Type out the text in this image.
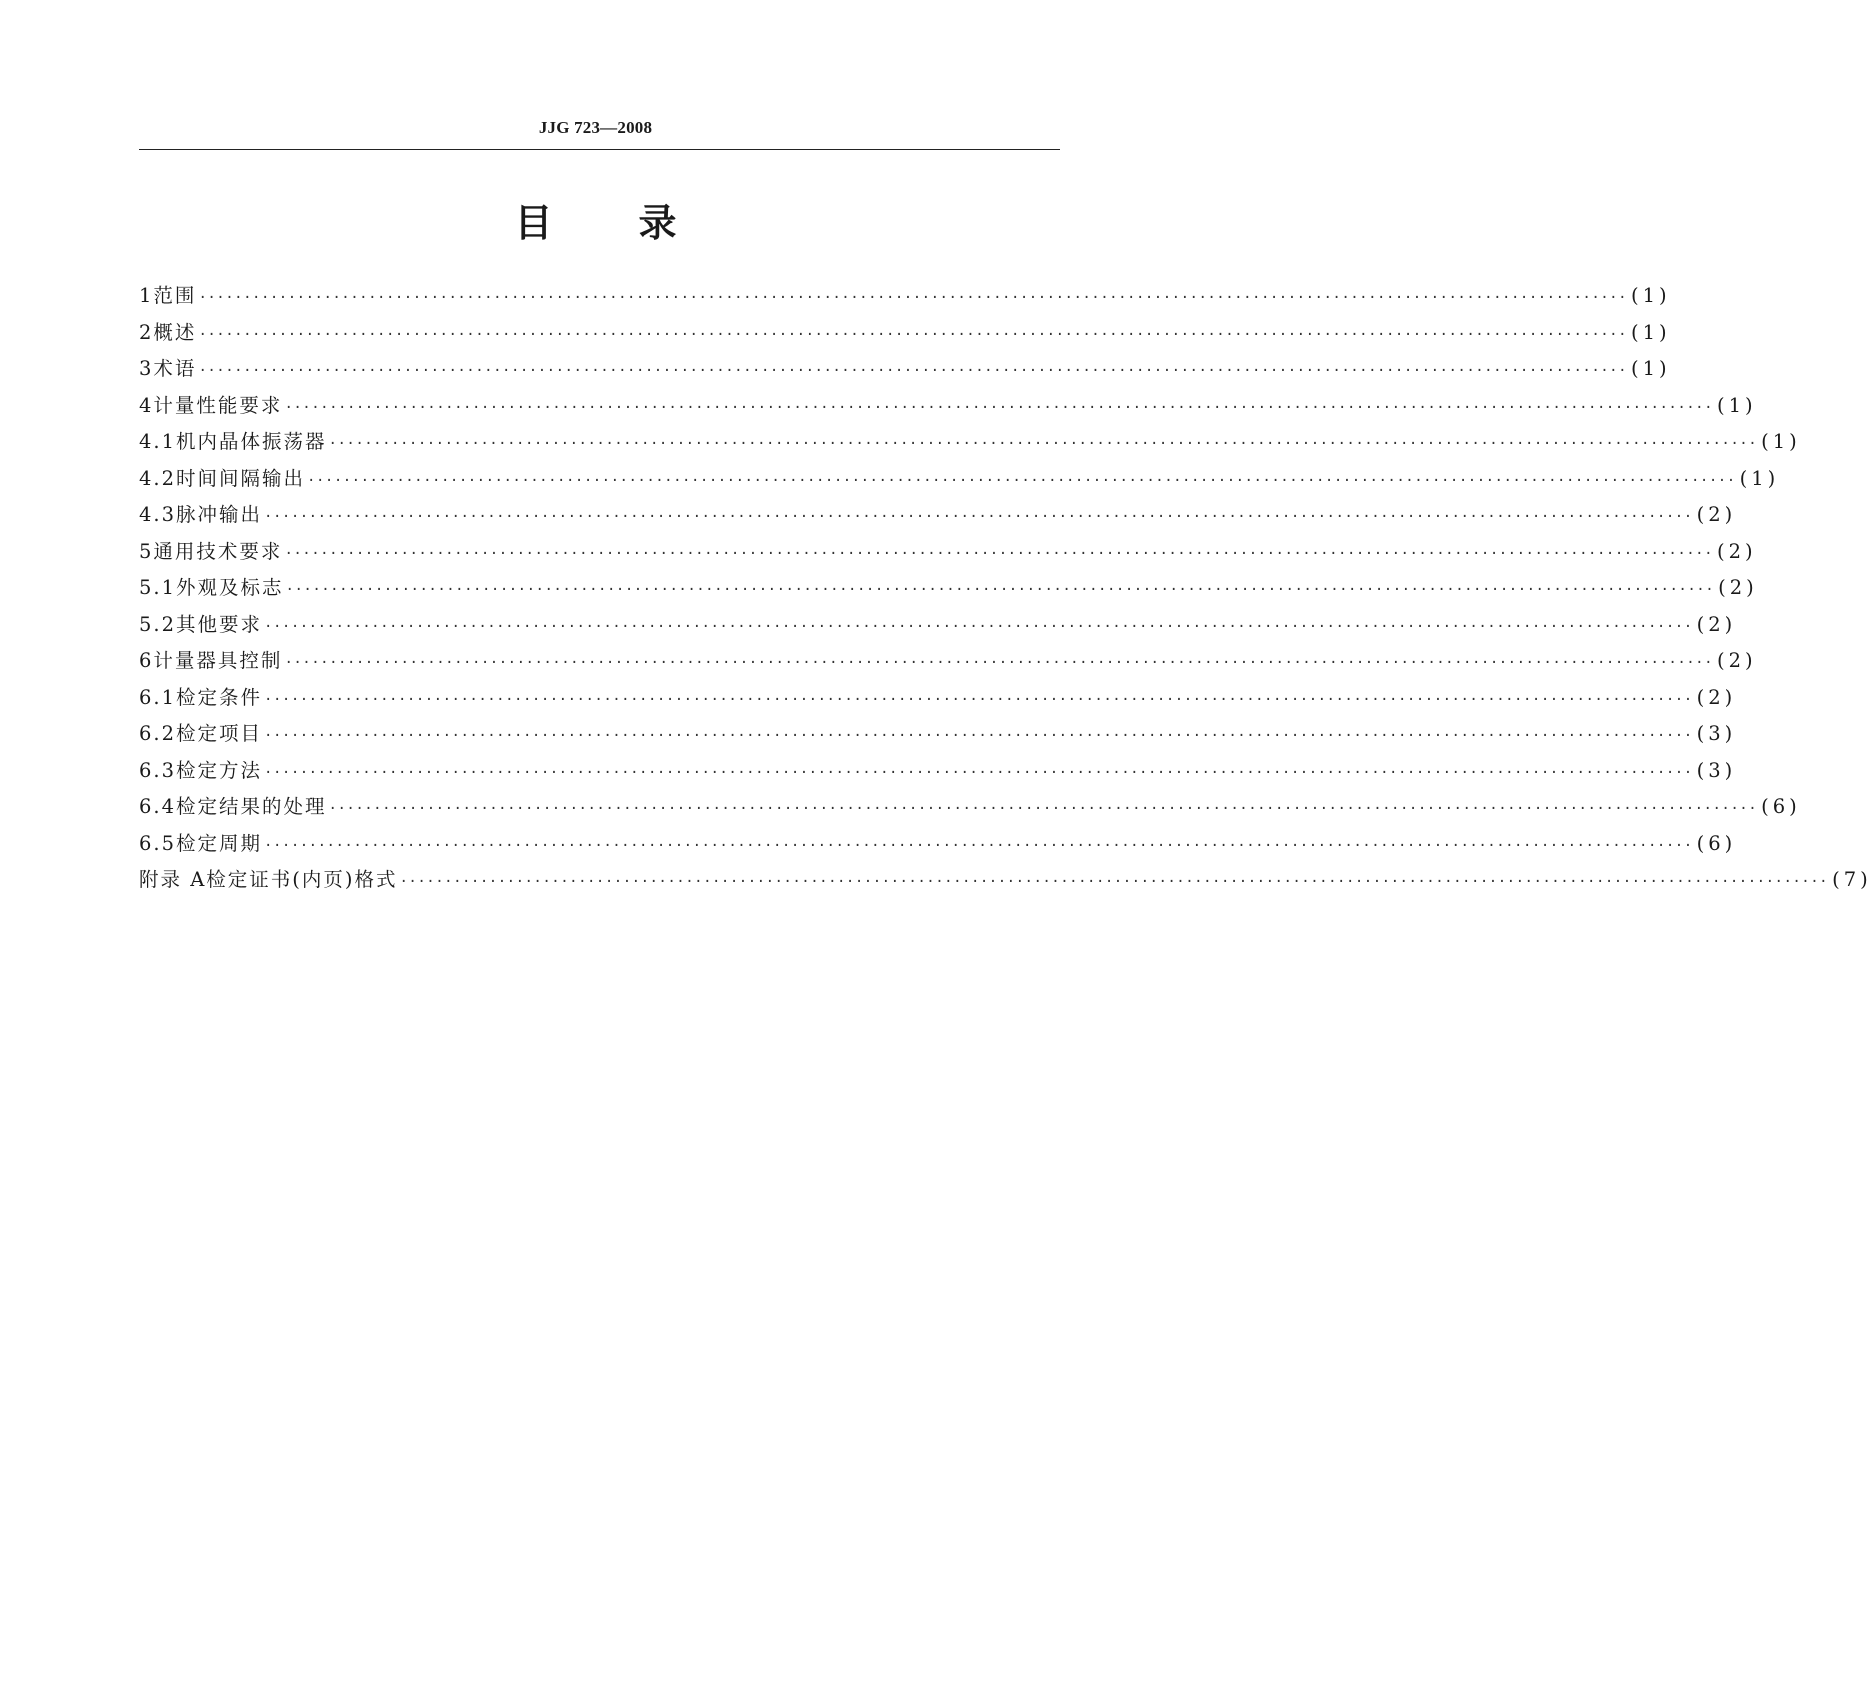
JJG 723—2008
目 录
1 范围 ································································································································································ (1)
2 概述 ································································································································································ (1)
3 术语 ································································································································································ (1)
4 计量性能要求 ································································································································································ (1)
4.1 机内晶体振荡器 ································································································································································ (1)
4.2 时间间隔输出 ································································································································································ (1)
4.3 脉冲输出 ································································································································································ (2)
5 通用技术要求 ································································································································································ (2)
5.1 外观及标志 ································································································································································ (2)
5.2 其他要求 ································································································································································ (2)
6 计量器具控制 ································································································································································ (2)
6.1 检定条件 ································································································································································ (2)
6.2 检定项目 ································································································································································ (3)
6.3 检定方法 ································································································································································ (3)
6.4 检定结果的处理 ································································································································································ (6)
6.5 检定周期 ································································································································································ (6)
附录 A 检定证书(内页)格式 ································································································································································ (7)
